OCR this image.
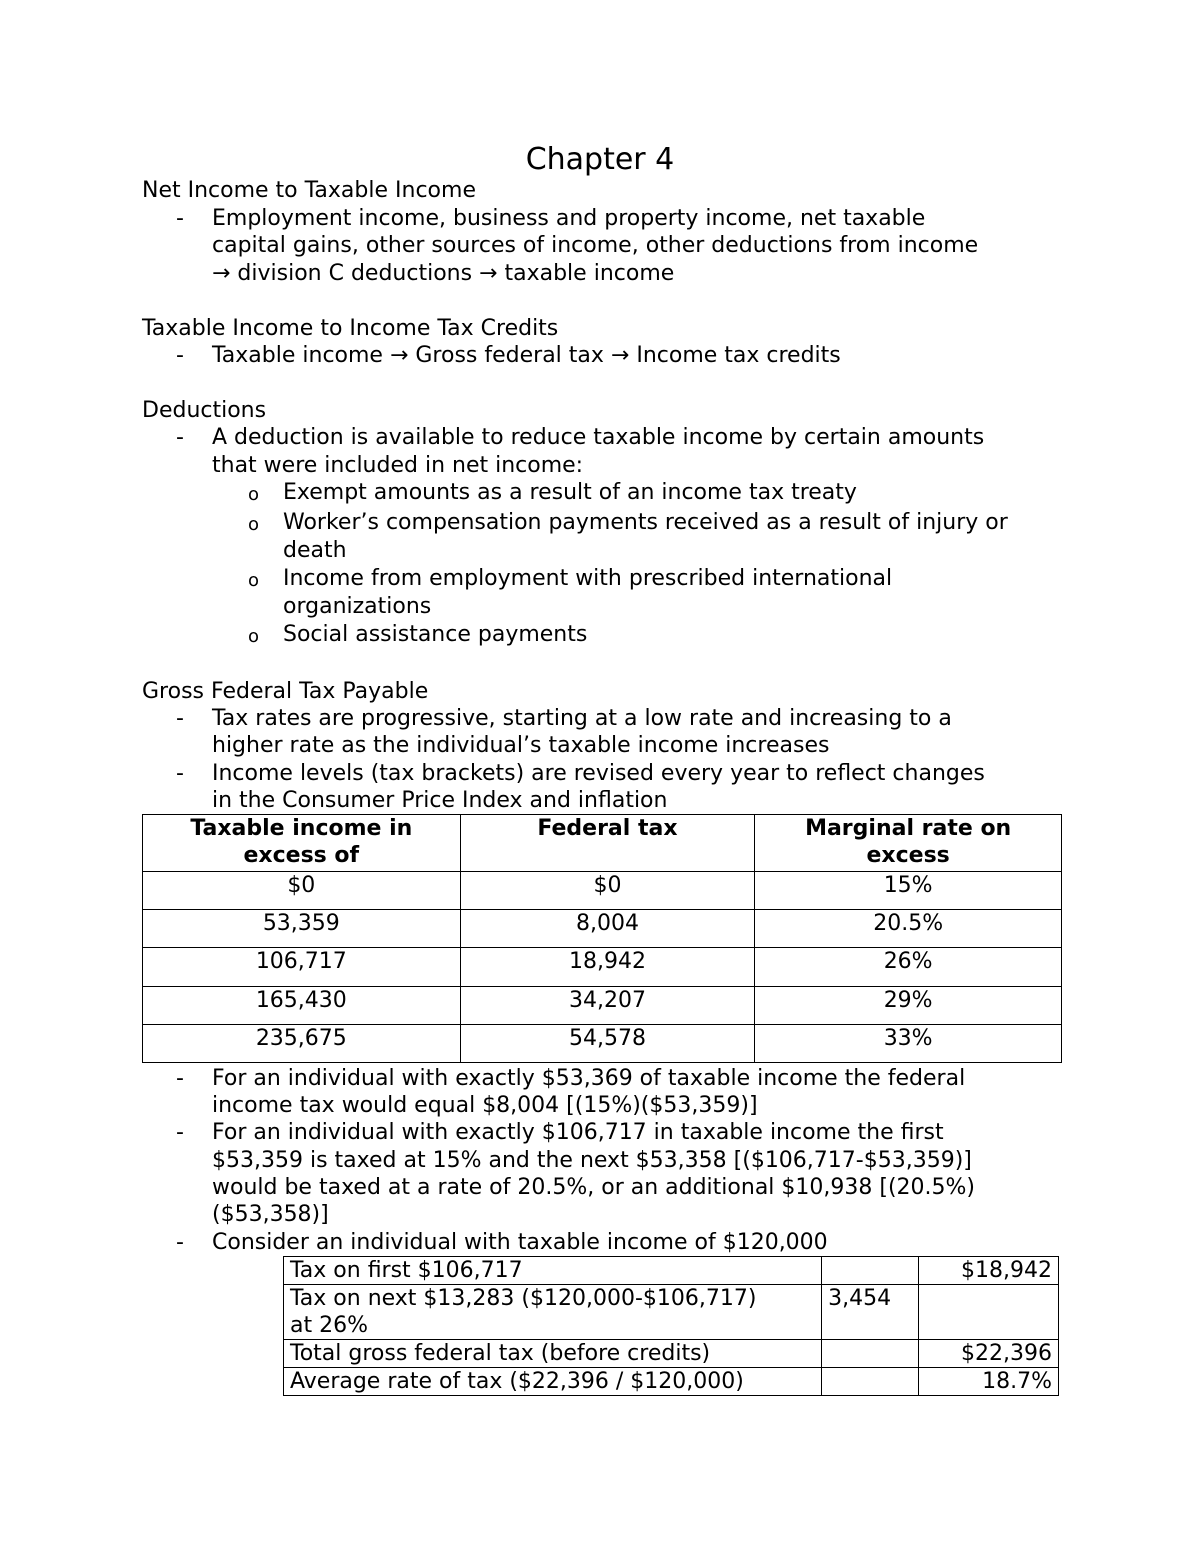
Chapter 4
Net Income to Taxable Income
- Employment income, business and property income, net taxable
capital gains, other sources of income, other deductions from income
→ division C deductions → taxable income
Taxable Income to Income Tax Credits
- Taxable income → Gross federal tax → Income tax credits
Deductions
- A deduction is available to reduce taxable income by certain amounts
that were included in net income:
o Exempt amounts as a result of an income tax treaty
o Worker’s compensation payments received as a result of injury or
death
o Income from employment with prescribed international
organizations
o Social assistance payments
Gross Federal Tax Payable
- Tax rates are progressive, starting at a low rate and increasing to a
higher rate as the individual’s taxable income increases
- Income levels (tax brackets) are revised every year to reflect changes
in the Consumer Price Index and inflation
Taxable income in
excess of	Federal tax	Marginal rate on
excess
$0	$0	15%
53,359	8,004	20.5%
106,717	18,942	26%
165,430	34,207	29%
235,675	54,578	33%
- For an individual with exactly $53,369 of taxable income the federal
income tax would equal $8,004 [(15%)($53,359)]
- For an individual with exactly $106,717 in taxable income the first
$53,359 is taxed at 15% and the next $53,358 [($106,717-$53,359)]
would be taxed at a rate of 20.5%, or an additional $10,938 [(20.5%)
($53,358)]
- Consider an individual with taxable income of $120,000
Tax on first $106,717		$18,942
Tax on next $13,283 ($120,000-$106,717)
at 26%	3,454	
Total gross federal tax (before credits)		$22,396
Average rate of tax ($22,396 / $120,000)		18.7%
